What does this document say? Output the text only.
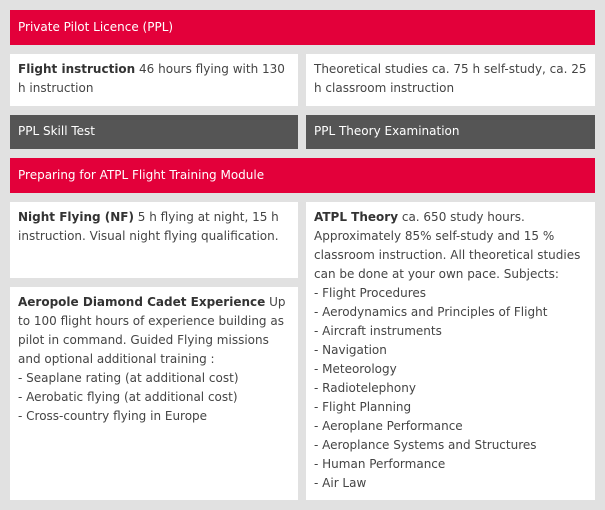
Private Pilot Licence (PPL)
Flight instruction 46 hours flying with 130 h instruction
Theoretical studies ca. 75 h self-study, ca. 25 h classroom instruction
PPL Skill Test	PPL Theory Examination
Preparing for ATPL Flight Training Module
Night Flying (NF) 5 h flying at night, 15 h instruction. Visual night flying qualification.
Aeropole Diamond Cadet Experience Up to 100 flight hours of experience building as pilot in command. Guided Flying missions and optional additional training :
- Seaplane rating (at additional cost)
- Aerobatic flying (at additional cost)
- Cross-country flying in Europe
ATPL Theory ca. 650 study hours. Approximately 85% self-study and 15 % classroom instruction. All theoretical studies can be done at your own pace. Subjects:
- Flight Procedures
- Aerodynamics and Principles of Flight
- Aircraft instruments
- Navigation
- Meteorology
- Radiotelephony
- Flight Planning
- Aeroplane Performance
- Aeroplance Systems and Structures
- Human Performance
- Air Law
